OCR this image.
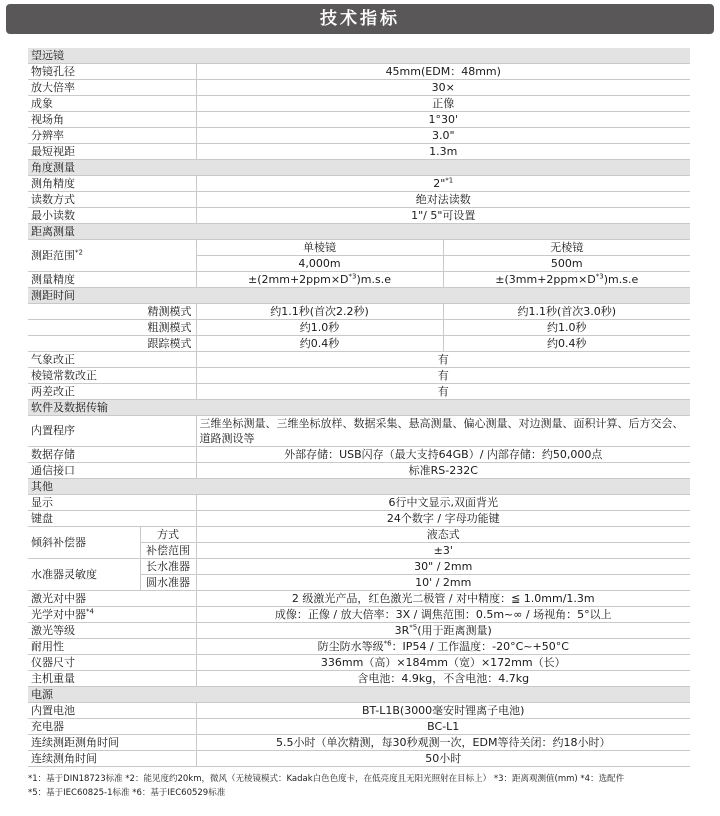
技术指标
望远镜			
物镜孔径		45mm(EDM：48mm)	
放大倍率		30×	
成象		正像	
视场角		1°30'	
分辨率		3.0"	
最短视距		1.3m	
角度测量			
测角精度		2"$^{*1}$
读数方式		绝对法读数	
最小读数		1"/ 5"可设置	
距离测量			
测距范围$^{*2}$		单棱镜	无棱镜
		4,000m	500m
测量精度		$\pm(2mm+2ppm\times D^{*3})m.s.e$	$\pm(3mm+2ppm\times D^{*3})m.s.e$
测距时间			
精测模式		约1.1秒(首次2.2秒)	约1.1秒(首次3.0秒)
粗测模式		约1.0秒	约1.0秒
跟踪模式		约0.4秒	约0.4秒
气象改正		有	
棱镜常数改正		有	
两差改正		有	
软件及数据传输			
内置程序		三维坐标测量、三维坐标放样、数据采集、悬高测量、偏心测量、对边测量、面积计算、后方交会、道路测设等	
数据存储		外部存储：USB闪存（最大支持64GB）/ 内部存储：约50,000点	
通信接口		标准RS-232C	
其他			
显示		6行中文显示,双面背光	
键盘		24个数字 / 字母功能键	
倾斜补偿器	方式	液态式	
	补偿范围	±3'	
水准器灵敏度	长水准器	30" / 2mm	
	圆水准器	10' / 2mm	
激光对中器		2 级激光产品，红色激光二极管 / 对中精度：≦ 1.0mm/1.3m	
光学对中器$^{*4}$		成像：正像 / 放大倍率：3X / 调焦范围：0.5m~∞ / 场视角：5°以上	
激光等级		$3R^{*5}$(用于距离测量)	
耐用性		防尘防水等级$^{*6}$：IP54 / 工作温度：-20°C~+50°C	
仪器尺寸		336mm（高）×184mm（宽）×172mm（长）	
主机重量		含电池：4.9kg，不含电池：4.7kg	
电源			
内置电池		BT-L1B(3000毫安时锂离子电池)	
充电器		BC-L1	
连续测距测角时间		5.5小时（单次精测，每30秒观测一次，EDM等待关闭：约18小时）	
连续测角时间		50小时	
*1：基于DIN18723标准 *2：能见度约20km，微风（无棱镜模式：Kadak白色色度卡，在低亮度且无阳光照射在目标上） *3：距离观测值(mm) *4：选配件
*5：基于IEC60825-1标准 *6：基于IEC60529标准
